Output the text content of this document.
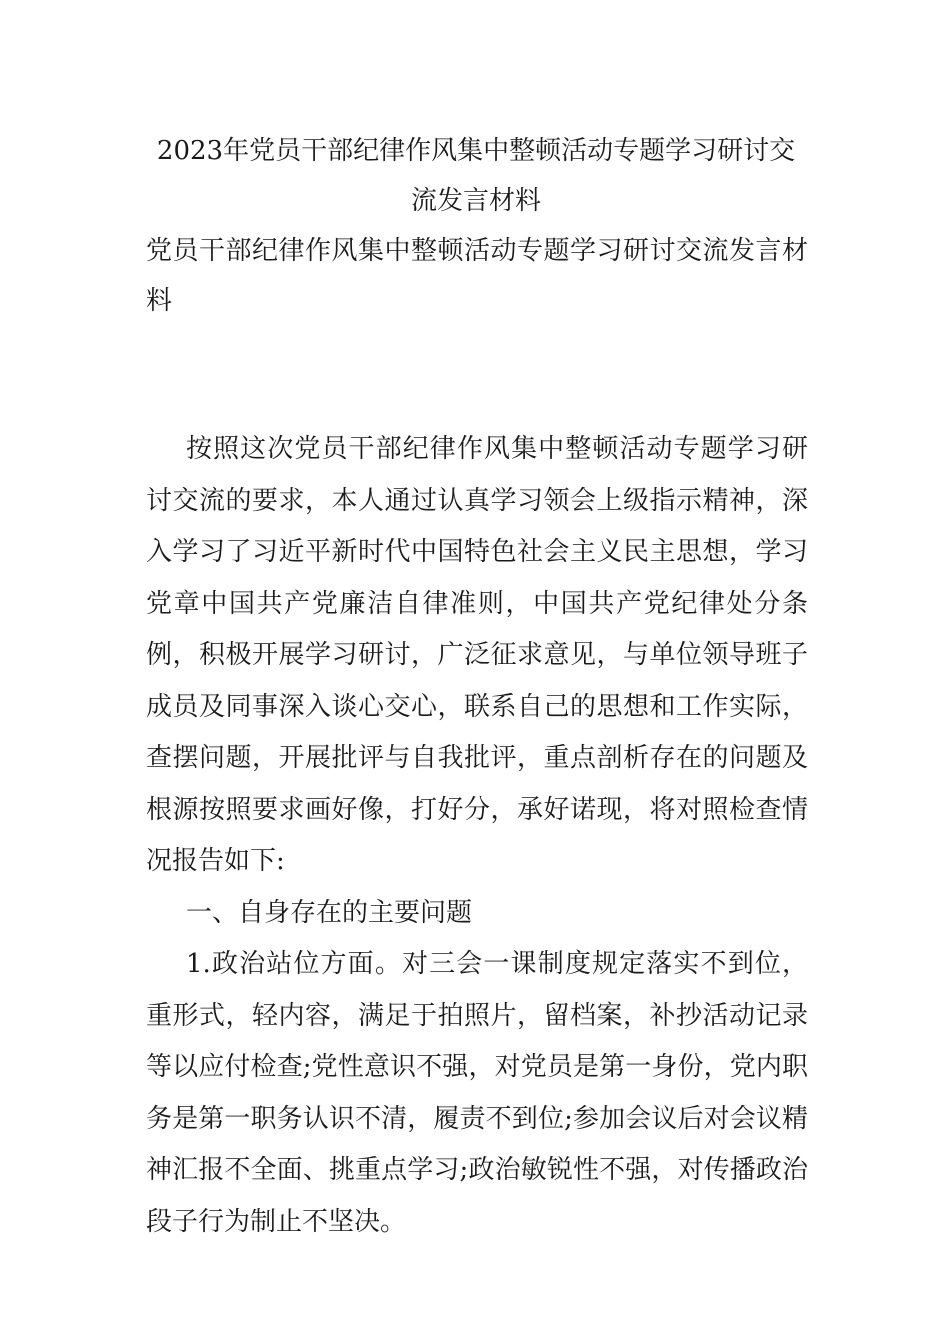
2023年党员干部纪律作风集中整顿活动专题学习研讨交流发言材料

党员干部纪律作风集中整顿活动专题学习研讨交流发言材料

按照这次党员干部纪律作风集中整顿活动专题学习研讨交流的要求，本人通过认真学习领会上级指示精神，深入学习了习近平新时代中国特色社会主义民主思想，学习党章中国共产党廉洁自律准则，中国共产党纪律处分条例，积极开展学习研讨，广泛征求意见，与单位领导班子成员及同事深入谈心交心，联系自己的思想和工作实际，查摆问题，开展批评与自我批评，重点剖析存在的问题及根源按照要求画好像，打好分，承好诺现，将对照检查情况报告如下:

一、自身存在的主要问题

1.政治站位方面。对三会一课制度规定落实不到位，重形式，轻内容，满足于拍照片，留档案，补抄活动记录等以应付检查;党性意识不强，对党员是第一身份，党内职务是第一职务认识不清，履责不到位;参加会议后对会议精神汇报不全面、挑重点学习;政治敏锐性不强，对传播政治段子行为制止不坚决。
